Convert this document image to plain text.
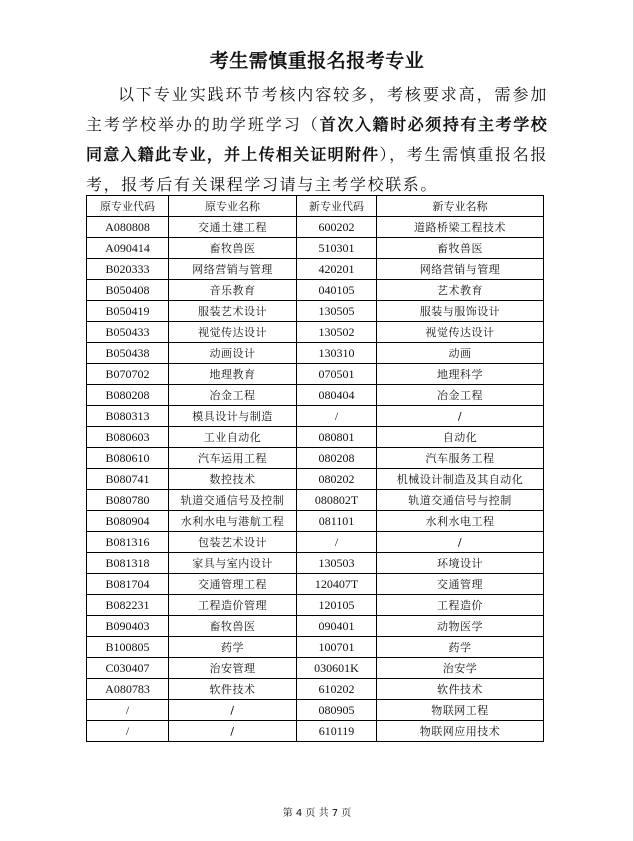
考生需慎重报名报考专业

以下专业实践环节考核内容较多，考核要求高，需参加主考学校举办的助学班学习（首次入籍时必须持有主考学校同意入籍此专业，并上传相关证明附件），考生需慎重报名报考，报考后有关课程学习请与主考学校联系。

原专业代码	原专业名称	新专业代码	新专业名称
A080808	交通土建工程	600202	道路桥梁工程技术
A090414	畜牧兽医	510301	畜牧兽医
B020333	网络营销与管理	420201	网络营销与管理
B050408	音乐教育	040105	艺术教育
B050419	服装艺术设计	130505	服装与服饰设计
B050433	视觉传达设计	130502	视觉传达设计
B050438	动画设计	130310	动画
B070702	地理教育	070501	地理科学
B080208	冶金工程	080404	冶金工程
B080313	模具设计与制造	/	/
B080603	工业自动化	080801	自动化
B080610	汽车运用工程	080208	汽车服务工程
B080741	数控技术	080202	机械设计制造及其自动化
B080780	轨道交通信号及控制	080802T	轨道交通信号与控制
B080904	水利水电与港航工程	081101	水利水电工程
B081316	包装艺术设计	/	/
B081318	家具与室内设计	130503	环境设计
B081704	交通管理工程	120407T	交通管理
B082231	工程造价管理	120105	工程造价
B090403	畜牧兽医	090401	动物医学
B100805	药学	100701	药学
C030407	治安管理	030601K	治安学
A080783	软件技术	610202	软件技术
/	/	080905	物联网工程
/	/	610119	物联网应用技术
第 4 页 共 7 页
